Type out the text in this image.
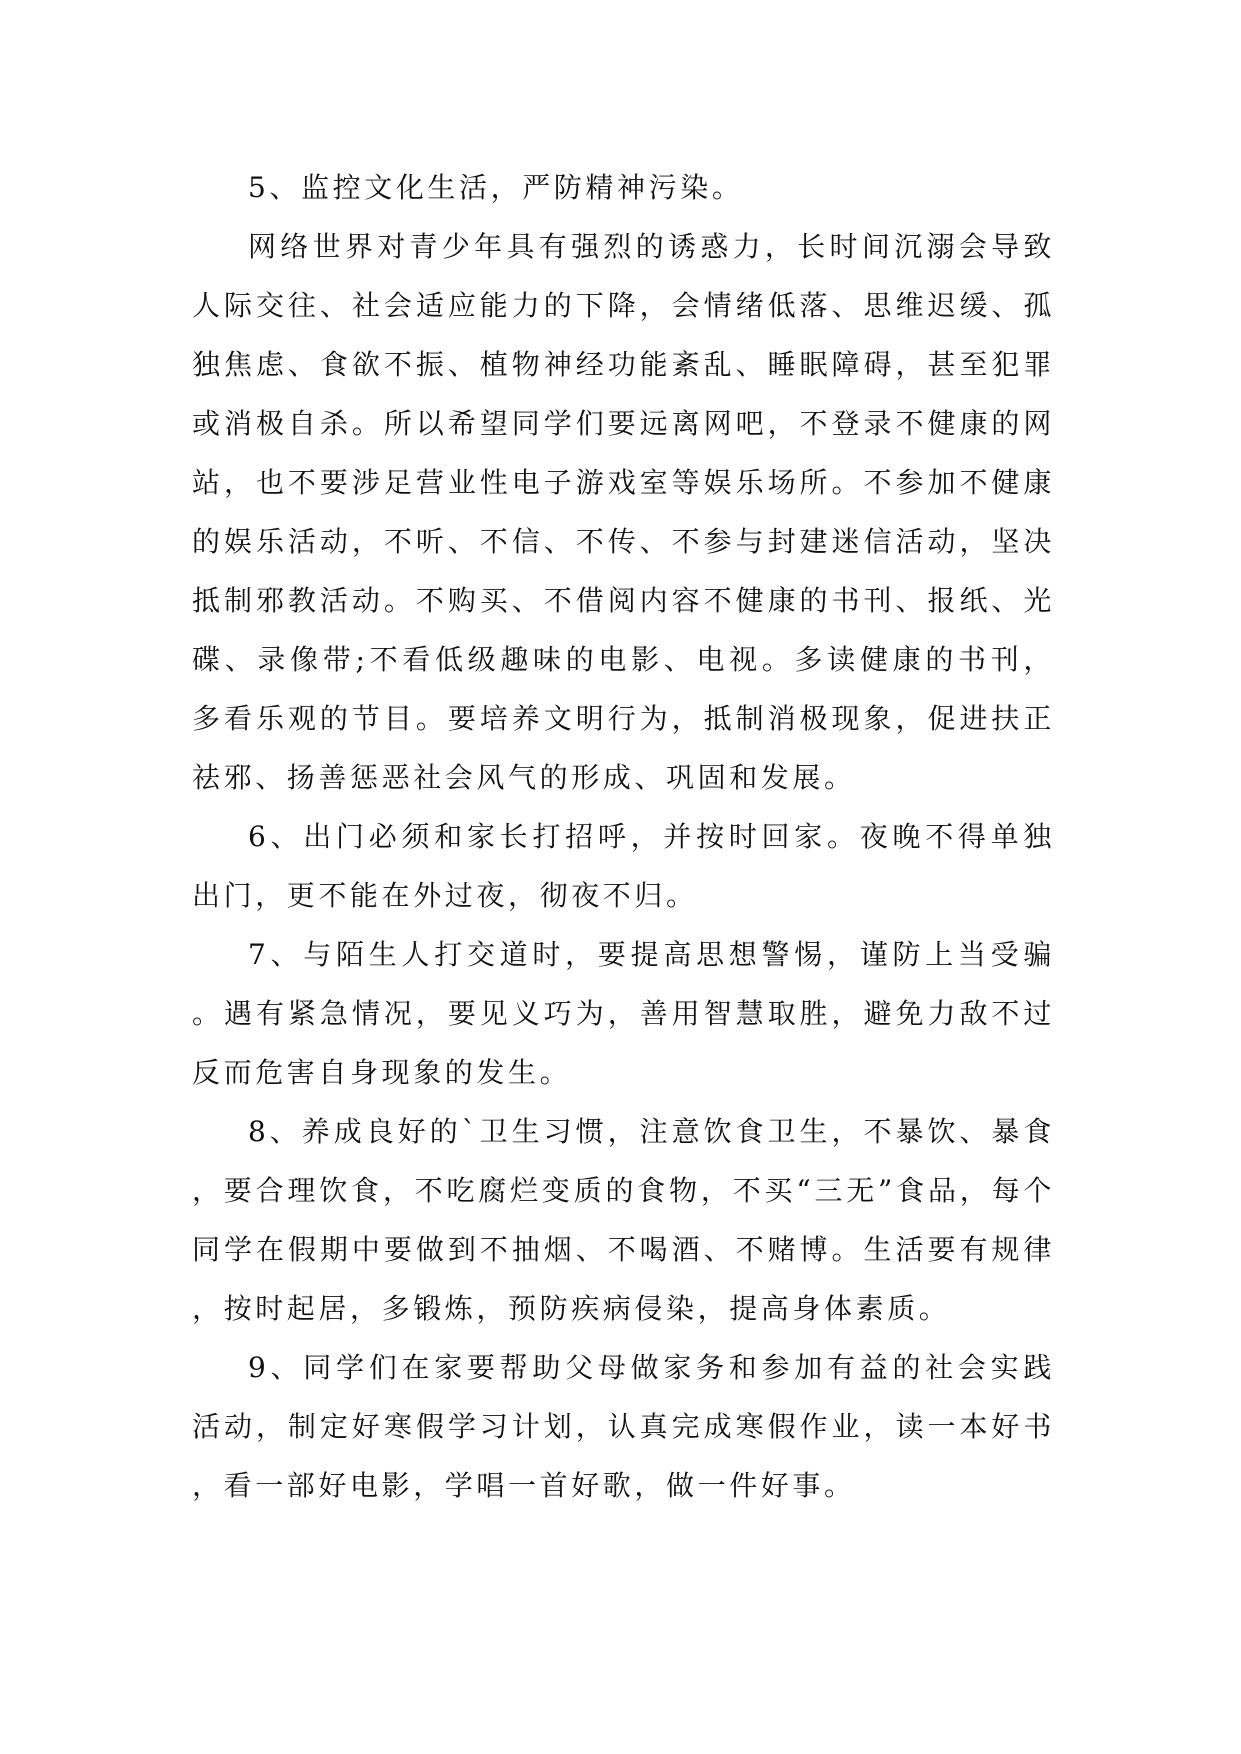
5、监控文化生活，严防精神污染。

网络世界对青少年具有强烈的诱惑力，长时间沉溺会导致人际交往、社会适应能力的下降，会情绪低落、思维迟缓、孤独焦虑、食欲不振、植物神经功能紊乱、睡眠障碍，甚至犯罪或消极自杀。所以希望同学们要远离网吧，不登录不健康的网站，也不要涉足营业性电子游戏室等娱乐场所。不参加不健康的娱乐活动，不听、不信、不传、不参与封建迷信活动，坚决抵制邪教活动。不购买、不借阅内容不健康的书刊、报纸、光碟、录像带;不看低级趣味的电影、电视。多读健康的书刊，多看乐观的节目。要培养文明行为，抵制消极现象，促进扶正祛邪、扬善惩恶社会风气的形成、巩固和发展。

6、出门必须和家长打招呼，并按时回家。夜晚不得单独出门，更不能在外过夜，彻夜不归。

7、与陌生人打交道时，要提高思想警惕，谨防上当受骗。遇有紧急情况，要见义巧为，善用智慧取胜，避免力敌不过反而危害自身现象的发生。

8、养成良好的`卫生习惯，注意饮食卫生，不暴饮、暴食，要合理饮食，不吃腐烂变质的食物，不买“三无”食品，每个同学在假期中要做到不抽烟、不喝酒、不赌博。生活要有规律，按时起居，多锻炼，预防疾病侵染，提高身体素质。

9、同学们在家要帮助父母做家务和参加有益的社会实践活动，制定好寒假学习计划，认真完成寒假作业，读一本好书，看一部好电影，学唱一首好歌，做一件好事。
